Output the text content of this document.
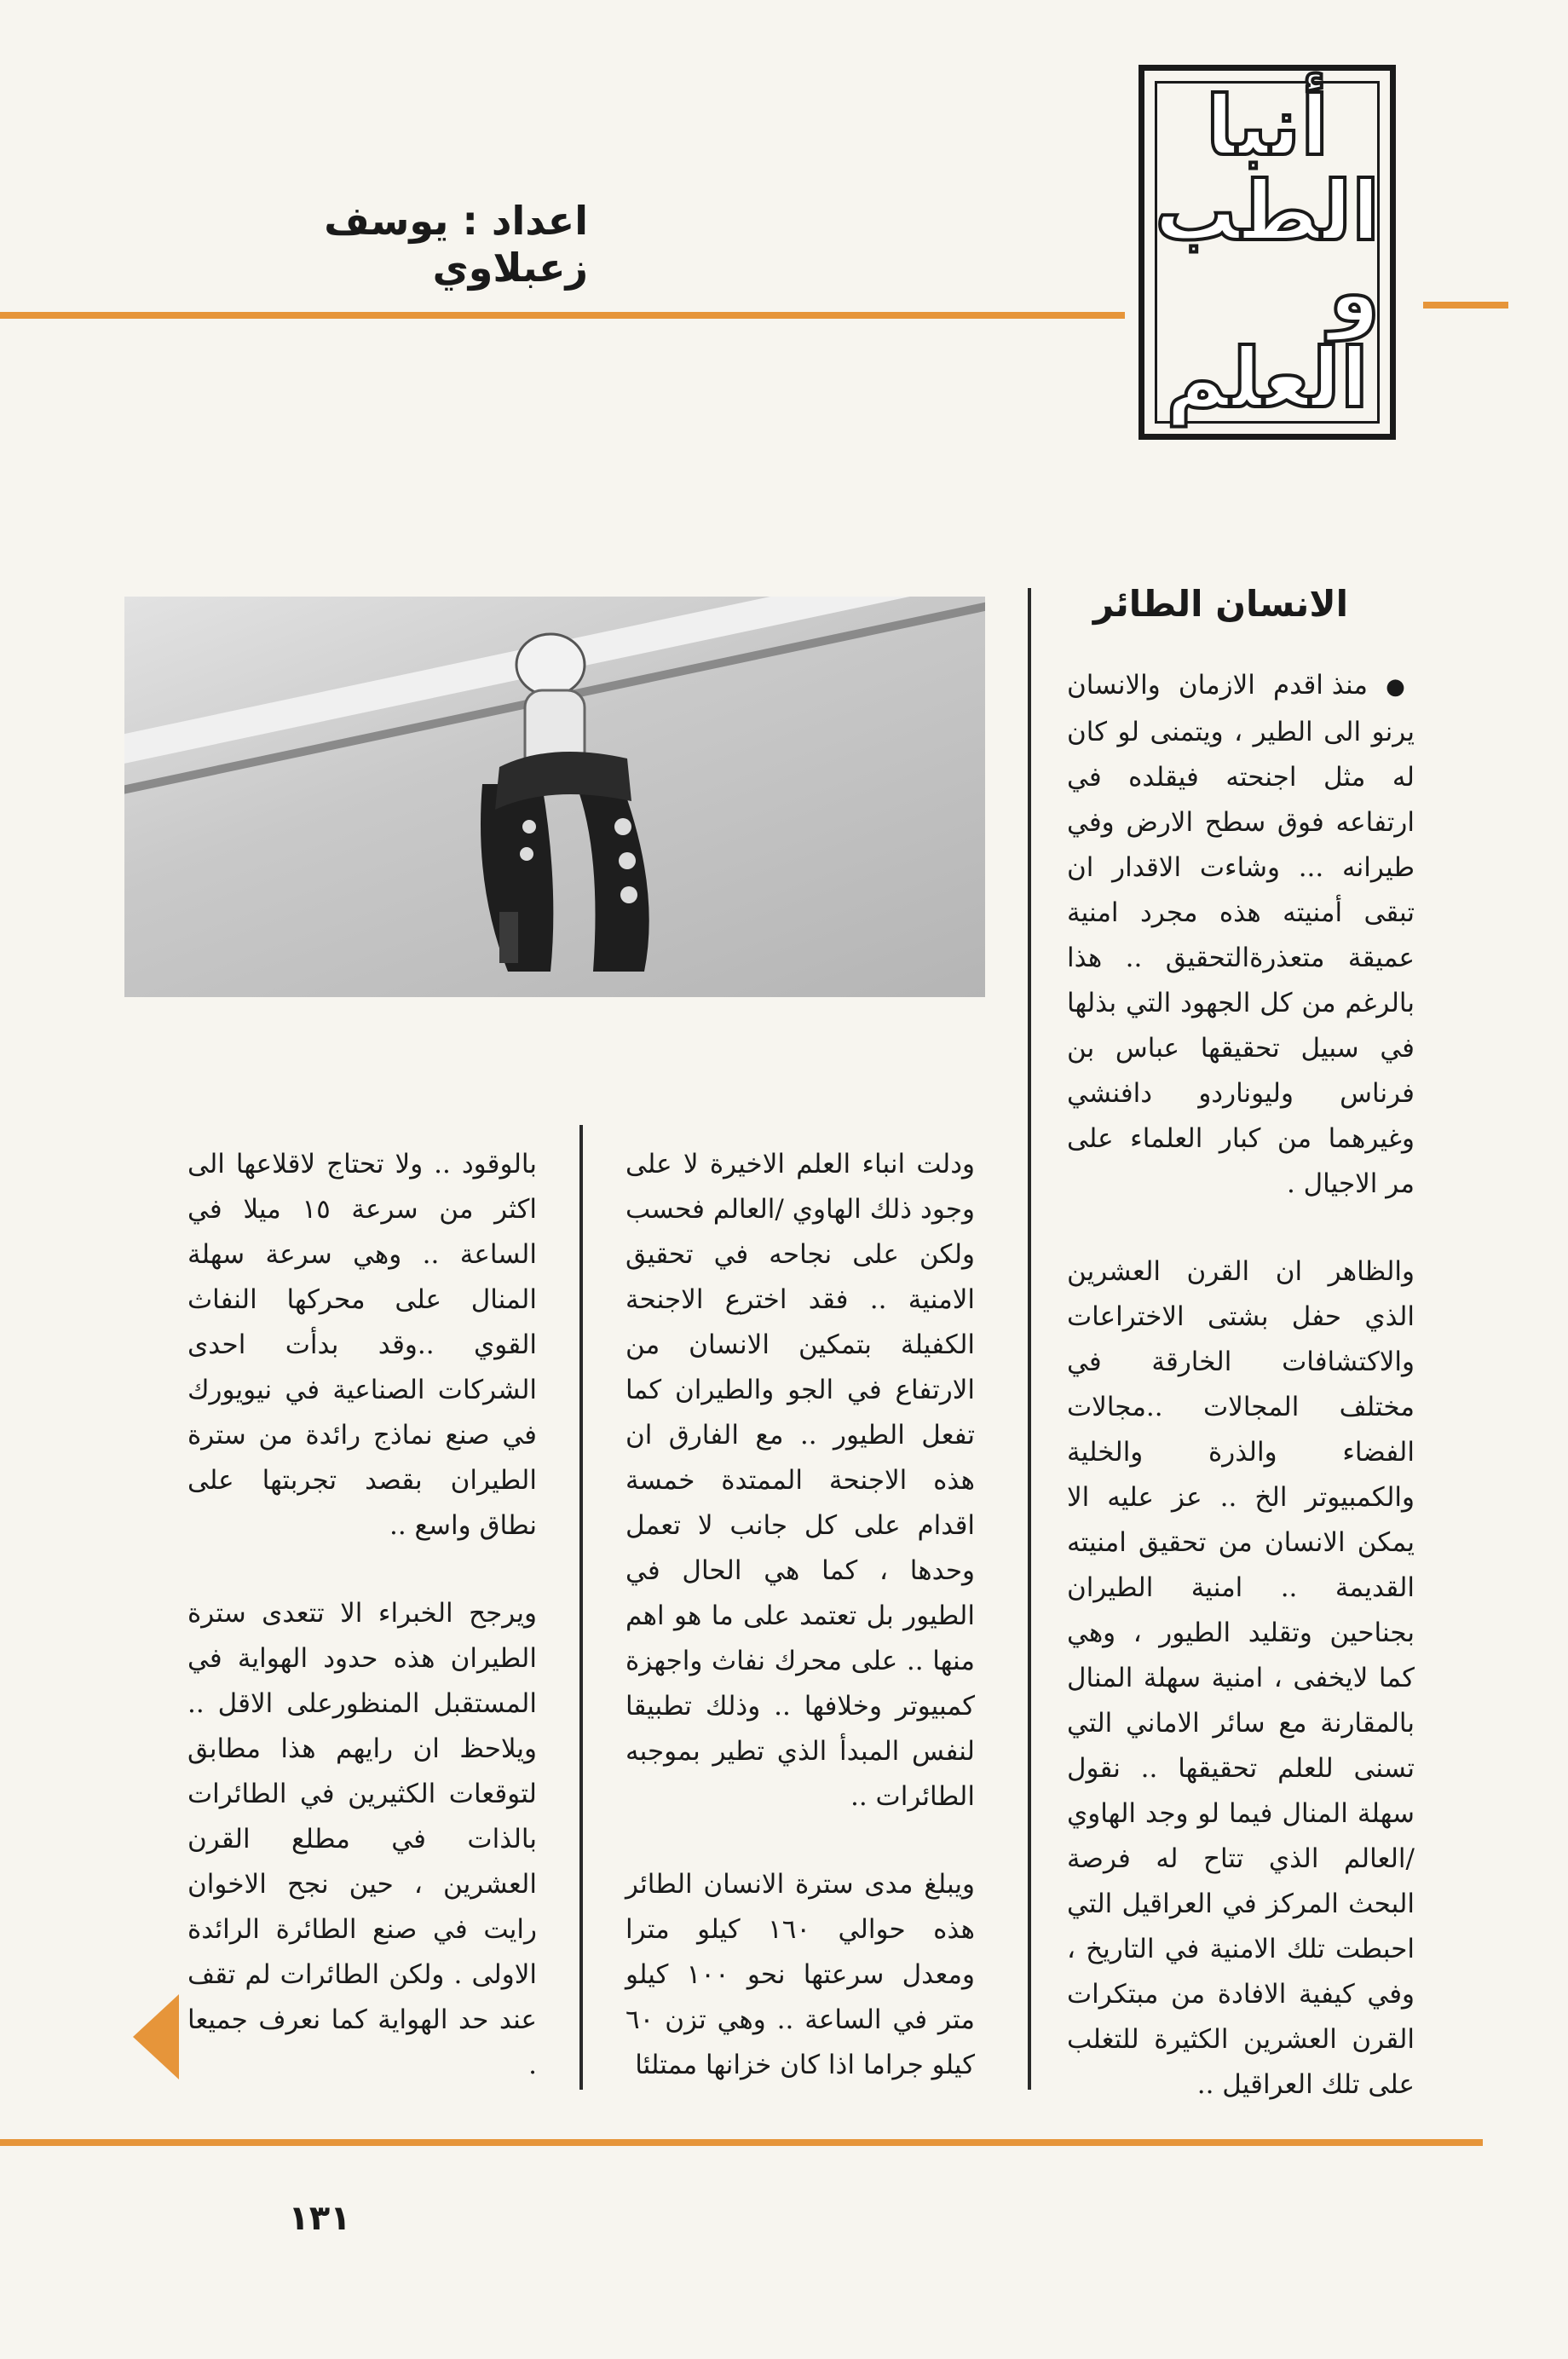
أنبا
الطب و
العلم
اعداد : يوسف زعبلاوي
الانسان الطائر

● منذ اقدم الازمان والانسان يرنو الى الطير ، ويتمنى لو كان له مثل اجنحته فيقلده في ارتفاعه فوق سطح الارض وفي طيرانه ... وشاءت الاقدار ان تبقى أمنيته هذه مجرد امنية عميقة متعذرةالتحقيق .. هذا بالرغم من كل الجهود التي بذلها في سبيل تحقيقها عباس بن فرناس وليوناردو دافنشي وغيرهما من كبار العلماء على مر الاجيال .

والظاهر ان القرن العشرين الذي حفل بشتى الاختراعات والاكتشافات الخارقة في مختلف المجالات ..مجالات الفضاء والذرة والخلية والكمبيوتر الخ .. عز عليه الا يمكن الانسان من تحقيق امنيته القديمة .. امنية الطيران بجناحين وتقليد الطيور ، وهي كما لايخفى ، امنية سهلة المنال بالمقارنة مع سائر الاماني التي تسنى للعلم تحقيقها .. نقول سهلة المنال فيما لو وجد الهاوي /العالم الذي تتاح له فرصة البحث المركز في العراقيل التي احبطت تلك الامنية في التاريخ ، وفي كيفية الافادة من مبتكرات القرن العشرين الكثيرة للتغلب على تلك العراقيل ..

ودلت انباء العلم الاخيرة لا على وجود ذلك الهاوي /العالم فحسب ولكن على نجاحه في تحقيق الامنية .. فقد اخترع الاجنحة الكفيلة بتمكين الانسان من الارتفاع في الجو والطيران كما تفعل الطيور .. مع الفارق ان هذه الاجنحة الممتدة خمسة اقدام على كل جانب لا تعمل وحدها ، كما هي الحال في الطيور بل تعتمد على ما هو اهم منها .. على محرك نفاث واجهزة كمبيوتر وخلافها .. وذلك تطبيقا لنفس المبدأ الذي تطير بموجبه الطائرات ..

ويبلغ مدى سترة الانسان الطائر هذه حوالي ١٦٠ كيلو مترا ومعدل سرعتها نحو ١٠٠ كيلو متر في الساعة .. وهي تزن ٦٠ كيلو جراما اذا كان خزانها ممتلئا

بالوقود .. ولا تحتاج لاقلاعها الى اكثر من سرعة ١٥ ميلا في الساعة .. وهي سرعة سهلة المنال على محركها النفاث القوي ..وقد بدأت احدى الشركات الصناعية في نيويورك في صنع نماذج رائدة من سترة الطيران بقصد تجربتها على نطاق واسع ..

ويرجح الخبراء الا تتعدى سترة الطيران هذه حدود الهواية في المستقبل المنظورعلى الاقل .. ويلاحظ ان رايهم هذا مطابق لتوقعات الكثيرين في الطائرات بالذات في مطلع القرن العشرين ، حين نجح الاخوان رايت في صنع الطائرة الرائدة الاولى . ولكن الطائرات لم تقف عند حد الهواية كما نعرف جميعا .

١٣١
